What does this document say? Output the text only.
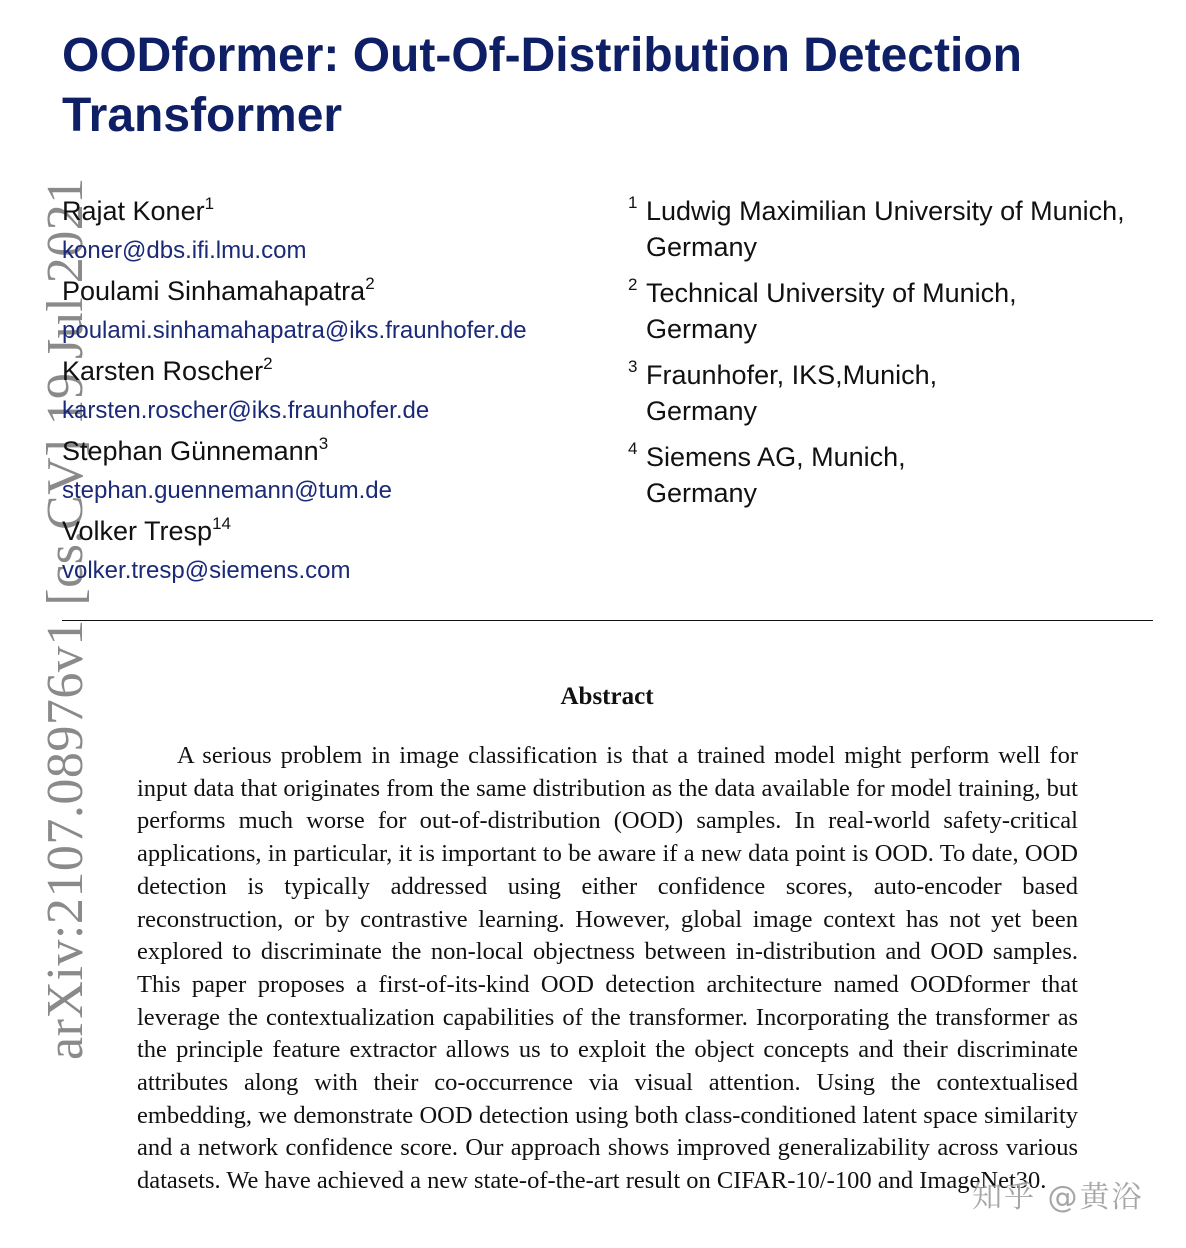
arXiv:2107.08976v1 [cs.CV] 19 Jul 2021
OODformer: Out-Of-Distribution Detection Transformer
Rajat Koner$^1$
koner@dbs.ifi.lmu.com
Poulami Sinhamahapatra$^2$
poulami.sinhamahapatra@iks.fraunhofer.de
Karsten Roscher$^2$
karsten.roscher@iks.fraunhofer.de
Stephan Günnemann$^3$
stephan.guennemann@tum.de
Volker Tresp$^{14}$
volker.tresp@siemens.com
1 Ludwig Maximilian University of Munich,
Germany
2 Technical University of Munich,
Germany
3 Fraunhofer, IKS,Munich,
Germany
4 Siemens AG, Munich,
Germany
Abstract

A serious problem in image classification is that a trained model might perform well for input data that originates from the same distribution as the data available for model training, but performs much worse for out-of-distribution (OOD) samples. In real-world safety-critical applications, in particular, it is important to be aware if a new data point is OOD. To date, OOD detection is typically addressed using either confidence scores, auto-encoder based reconstruction, or by contrastive learning. However, global image context has not yet been explored to discriminate the non-local objectness between in-distribution and OOD samples. This paper proposes a first-of-its-kind OOD detection architecture named OODformer that leverage the contextualization capabilities of the transformer. Incorporating the transformer as the principle feature extractor allows us to exploit the object concepts and their discriminate attributes along with their co-occurrence via visual attention. Using the contextualised embedding, we demonstrate OOD detection using both class-conditioned latent space similarity and a network confidence score. Our approach shows improved generalizability across various datasets. We have achieved a new state-of-the-art result on CIFAR-10/-100 and ImageNet30.

知乎 @黄浴
